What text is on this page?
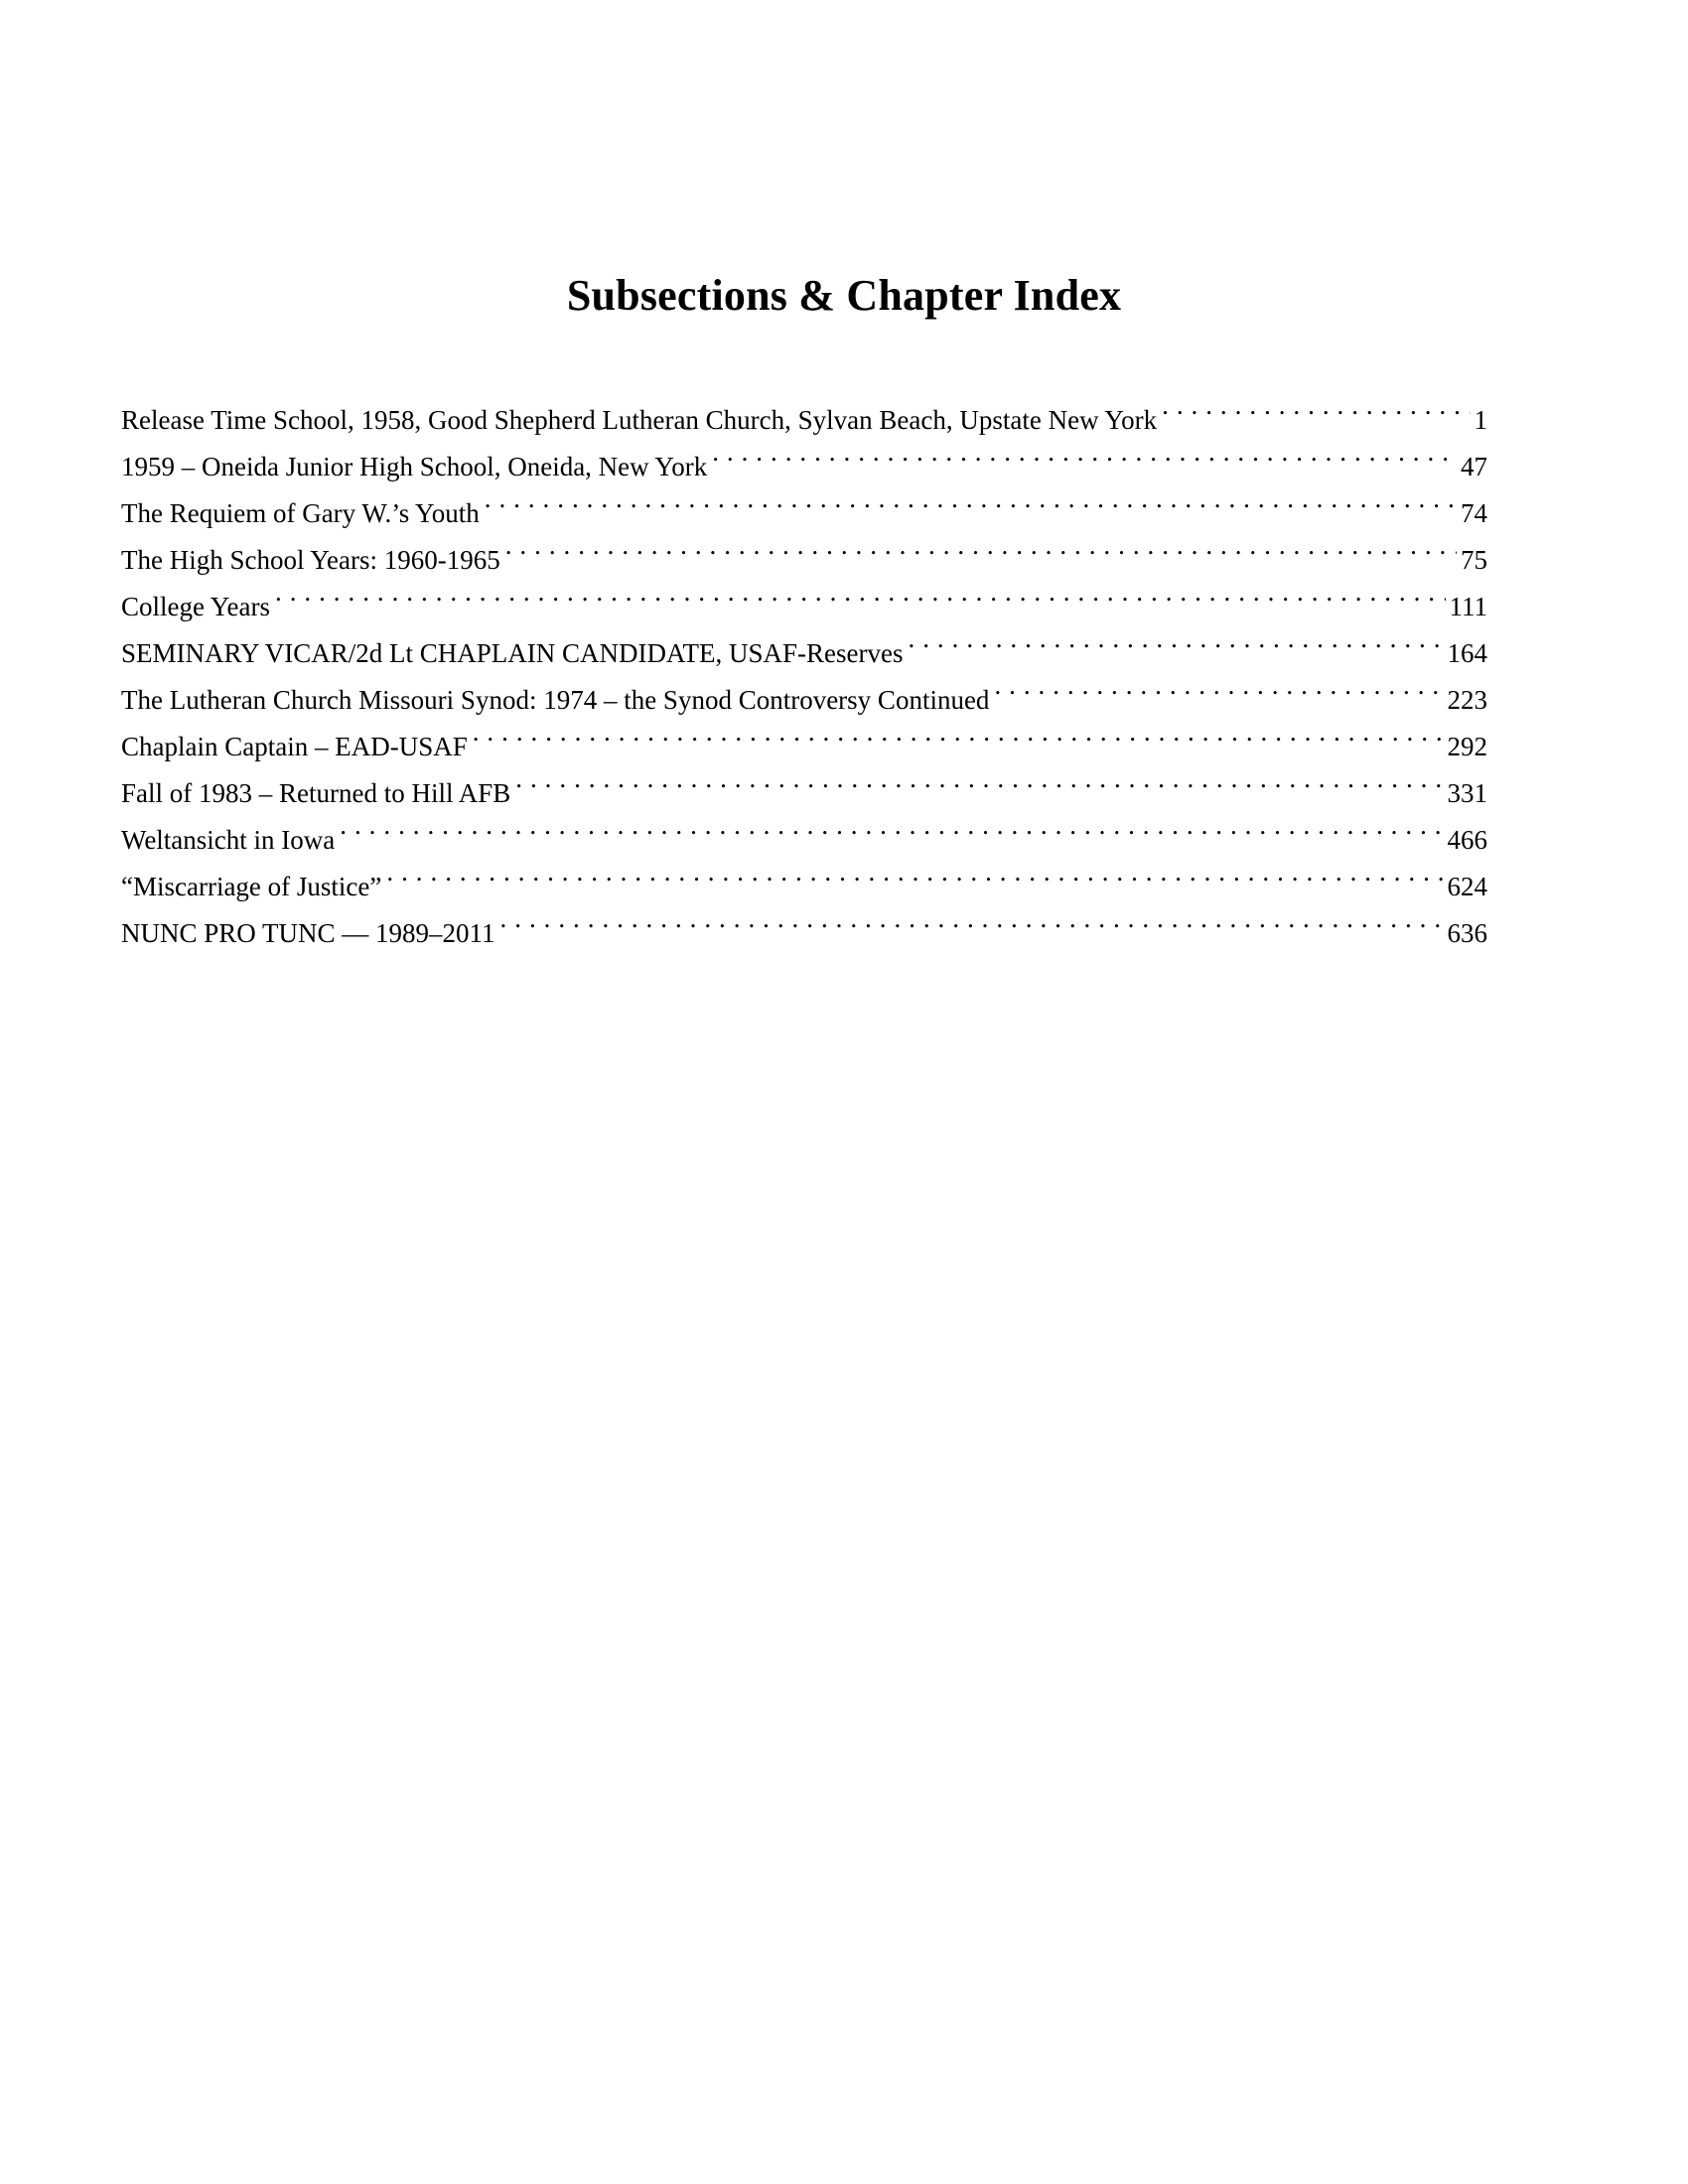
Subsections & Chapter Index
Release Time School, 1958, Good Shepherd Lutheran Church, Sylvan Beach, Upstate New York . . .	1
1959 – Oneida Junior High School, Oneida, New York . . .	47
The Requiem of Gary W.’s Youth . . .	74
The High School Years: 1960-1965 . . .	75
College Years . . .	111
SEMINARY VICAR/2d Lt CHAPLAIN CANDIDATE, USAF-Reserves . . .	164
The Lutheran Church Missouri Synod: 1974 – the Synod Controversy Continued . . .	223
Chaplain Captain – EAD-USAF . . .	292
Fall of 1983 – Returned to Hill AFB . . .	331
Weltansicht in Iowa . . .	466
“Miscarriage of Justice” . . .	624
NUNC PRO TUNC — 1989–2011 . . .	636
